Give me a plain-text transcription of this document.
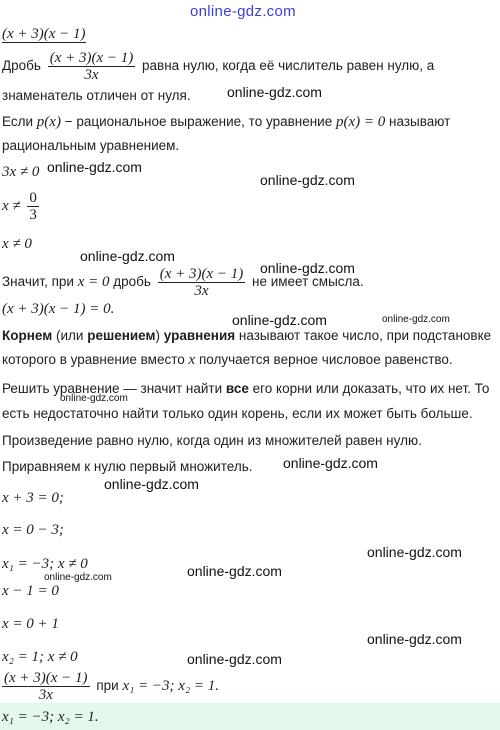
online-gdz.com
(x + 3)(x − 1)
Дробь $\frac{(x + 3)(x - 1)}{3x}$ равна нулю, когда её числитель равен нулю, а
знаменатель отличен от нуля.
Если p(x) − рациональное выражение, то уравнение p(x) = 0 называют
рациональным уравнением.
3x ≠ 0
$x \ne \frac{0}{3}$
x ≠ 0
Значит, при x = 0 дробь $\frac{(x + 3)(x - 1)}{3x}$ не имеет смысла.
(x + 3)(x − 1) = 0.
Корнем (или решением) уравнения называют такое число, при подстановке
которого в уравнение вместо x получается верное числовое равенство.
Решить уравнение — значит найти все его корни или доказать, что их нет. То
есть недостаточно найти только один корень, если их может быть больше.
Произведение равно нулю, когда один из множителей равен нулю.
Приравняем к нулю первый множитель.
x + 3 = 0;
x = 0 − 3;
x₁ = −3; x ≠ 0
x − 1 = 0
x = 0 + 1
x₂ = 1; x ≠ 0
$\frac{(x + 3)(x - 1)}{3x}$ при x₁ = −3; x₂ = 1.
x₁ = −3; x₂ = 1.
online-gdz.com
online-gdz.com
online-gdz.com
online-gdz.com
online-gdz.com
online-gdz.com	online-gdz.com
online-gdz.com
online-gdz.com
online-gdz.com
online-gdz.com
online-gdz.com
online-gdz.com
online-gdz.com
online-gdz.com
